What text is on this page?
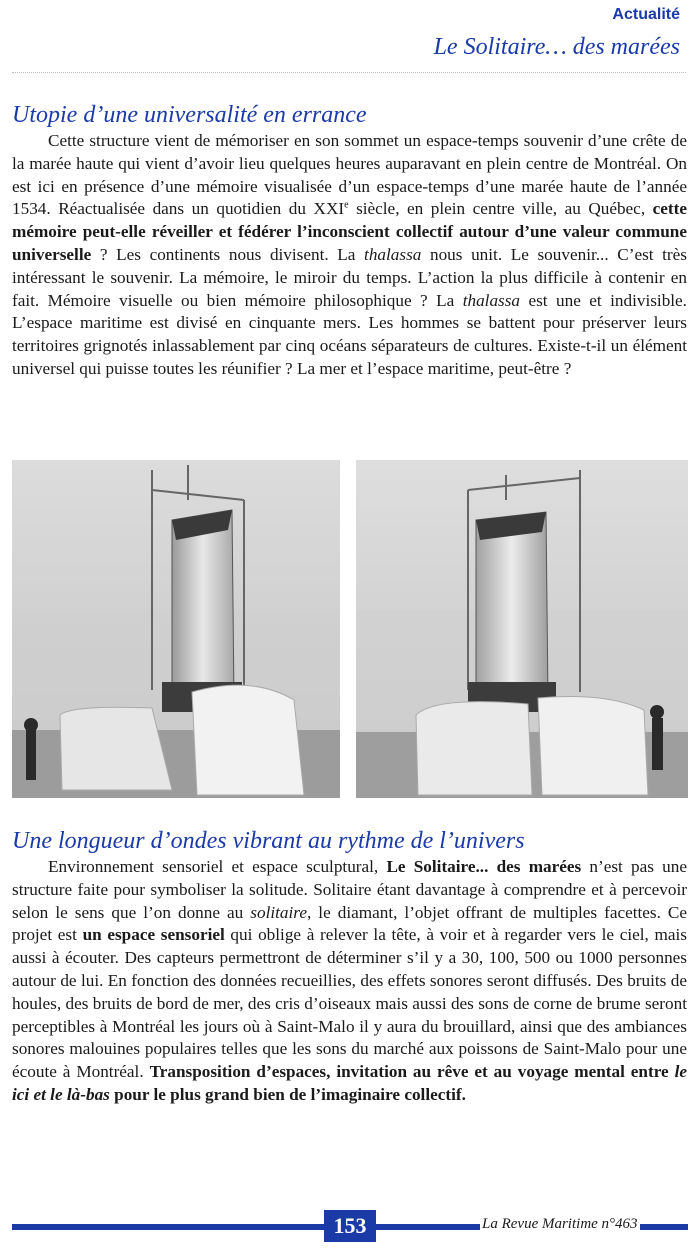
Actualité
Le Solitaire… des marées
Utopie d’une universalité en errance

Cette structure vient de mémoriser en son sommet un espace-temps souvenir d’une crête de la marée haute qui vient d’avoir lieu quelques heures auparavant en plein centre de Montréal. On est ici en présence d’une mémoire visualisée d’un espace-temps d’une marée haute de l’année 1534. Réactualisée dans un quotidien du XXIe siècle, en plein centre ville, au Québec, cette mémoire peut-elle réveiller et fédérer l’inconscient collectif autour d’une valeur commune universelle ? Les continents nous divisent. La thalassa nous unit. Le souvenir... C’est très intéressant le souvenir. La mémoire, le miroir du temps. L’action la plus difficile à contenir en fait. Mémoire visuelle ou bien mémoire philosophique ? La thalassa est une et indivisible. L’espace maritime est divisé en cinquante mers. Les hommes se battent pour préserver leurs territoires grignotés inlassablement par cinq océans séparateurs de cultures. Existe-t-il un élément universel qui puisse toutes les réunifier ? La mer et l’espace maritime, peut-être ?

Une longueur d’ondes vibrant au rythme de l’univers

Environnement sensoriel et espace sculptural, Le Solitaire... des marées n’est pas une structure faite pour symboliser la solitude. Solitaire étant davantage à comprendre et à percevoir selon le sens que l’on donne au solitaire, le diamant, l’objet offrant de multiples facettes. Ce projet est un espace sensoriel qui oblige à relever la tête, à voir et à regarder vers le ciel, mais aussi à écouter. Des capteurs permettront de déterminer s’il y a 30, 100, 500 ou 1000 personnes autour de lui. En fonction des données recueillies, des effets sonores seront diffusés. Des bruits de houles, des bruits de bord de mer, des cris d’oiseaux mais aussi des sons de corne de brume seront perceptibles à Montréal les jours où à Saint-Malo il y aura du brouillard, ainsi que des ambiances sonores malouines populaires telles que les sons du marché aux poissons de Saint-Malo pour une écoute à Montréal. Transposition d’espaces, invitation au rêve et au voyage mental entre le ici et le là-bas pour le plus grand bien de l’imaginaire collectif.

153	La Revue Maritime n°463
